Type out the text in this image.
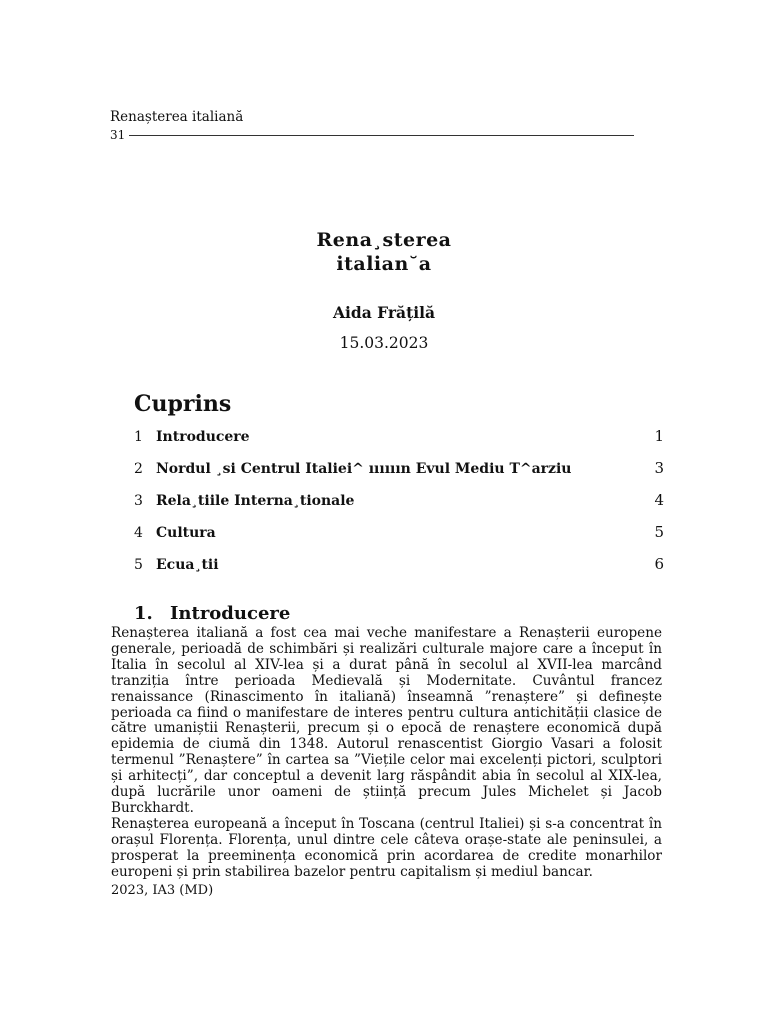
Renașterea italiană
31
Rena¸sterea
italian˘a
Aida Frățilă
15.03.2023
Cuprins
1 Introducere	1
2 Nordul ¸si Centrul Italiei^ ıııııın Evul Mediu T^arziu	3
3 Rela¸tiile Interna¸tionale	4
4 Cultura	5
5 Ecua¸tii	6
1. Introducere

Renașterea italiană a fost cea mai veche manifestare a Renașterii europene generale, perioadă de schimbări și realizări culturale majore care a început în Italia în secolul al XIV-lea și a durat până în secolul al XVII-lea marcând tranziția între perioada Medievală și Modernitate. Cuvântul francez renaissance (Rinascimento în italiană) înseamnă ”renaștere” și definește perioada ca fiind o manifestare de interes pentru cultura antichității clasice de către umaniștii Renașterii, precum și o epocă de renaștere economică după epidemia de ciumă din 1348. Autorul renascentist Giorgio Vasari a folosit termenul ”Renaștere” în cartea sa ”Viețile celor mai excelenți pictori, sculptori și arhitecți”, dar conceptul a devenit larg răspândit abia în secolul al XIX-lea, după lucrările unor oameni de știință precum Jules Michelet și Jacob Burckhardt.

Renașterea europeană a început în Toscana (centrul Italiei) și s-a concentrat în orașul Florența. Florența, unul dintre cele câteva orașe-state ale peninsulei, a prosperat la preeminența economică prin acordarea de credite monarhilor europeni și prin stabilirea bazelor pentru capitalism și mediul bancar.

2023, IA3 (MD)
